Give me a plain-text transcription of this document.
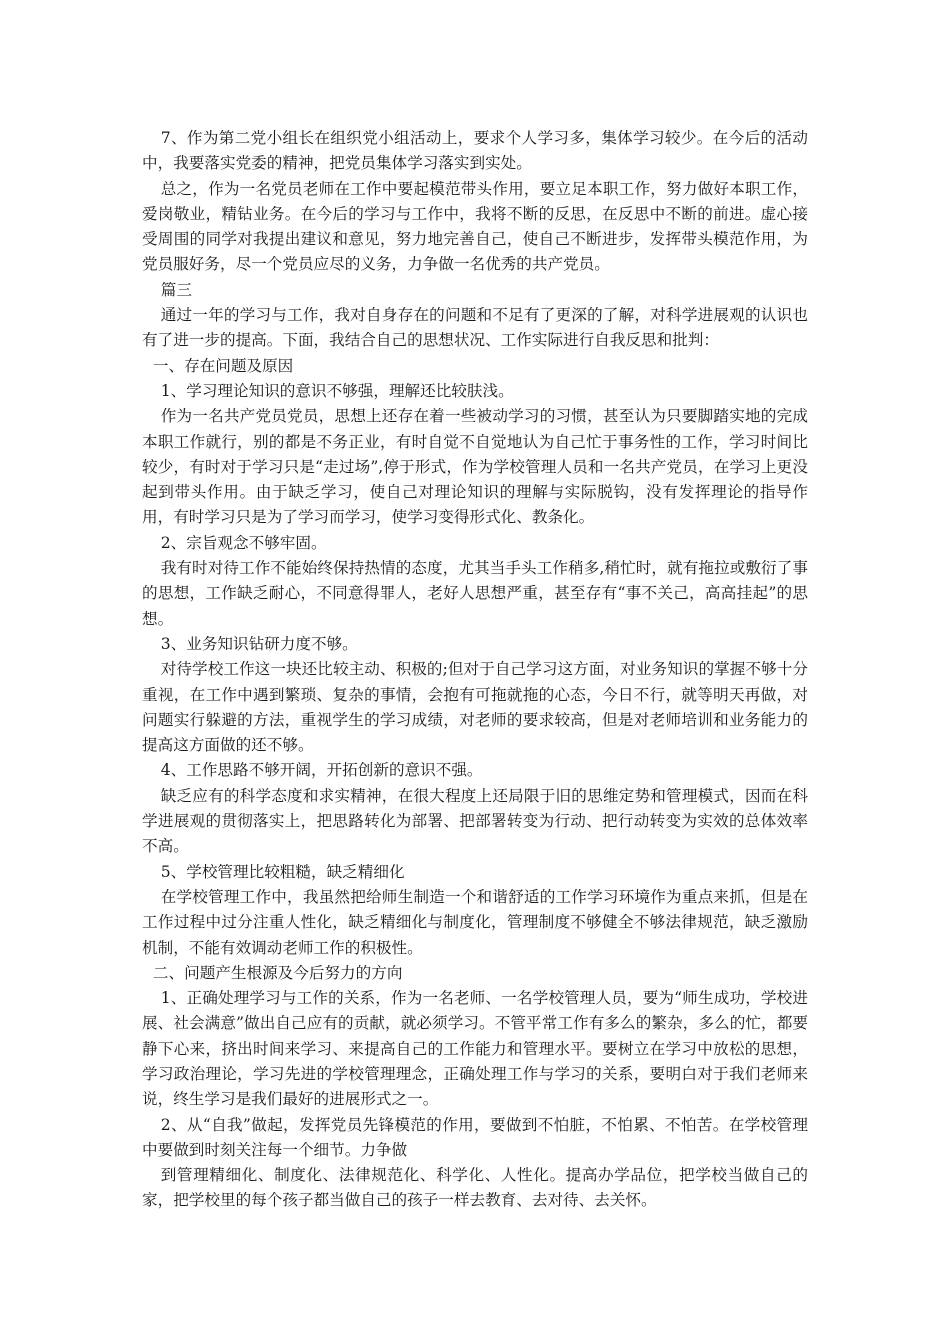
7、作为第二党小组长在组织党小组活动上，要求个人学习多，集体学习较少。在今后的活动中，我要落实党委的精神，把党员集体学习落实到实处。

总之，作为一名党员老师在工作中要起模范带头作用，要立足本职工作，努力做好本职工作，爱岗敬业，精钻业务。在今后的学习与工作中，我将不断的反思，在反思中不断的前进。虚心接受周围的同学对我提出建议和意见，努力地完善自己，使自己不断进步，发挥带头模范作用，为党员服好务，尽一个党员应尽的义务，力争做一名优秀的共产党员。

篇三

通过一年的学习与工作，我对自身存在的问题和不足有了更深的了解，对科学进展观的认识也有了进一步的提高。下面，我结合自己的思想状况、工作实际进行自我反思和批判：

一、存在问题及原因

1、学习理论知识的意识不够强，理解还比较肤浅。

作为一名共产党员党员，思想上还存在着一些被动学习的习惯，甚至认为只要脚踏实地的完成本职工作就行，别的都是不务正业，有时自觉不自觉地认为自己忙于事务性的工作，学习时间比较少，有时对于学习只是“走过场”,停于形式，作为学校管理人员和一名共产党员，在学习上更没起到带头作用。由于缺乏学习，使自己对理论知识的理解与实际脱钩，没有发挥理论的指导作用，有时学习只是为了学习而学习，使学习变得形式化、教条化。

2、宗旨观念不够牢固。

我有时对待工作不能始终保持热情的态度，尤其当手头工作稍多,稍忙时，就有拖拉或敷衍了事的思想，工作缺乏耐心，不同意得罪人，老好人思想严重，甚至存有“事不关己，高高挂起”的思想。

3、业务知识钻研力度不够。

对待学校工作这一块还比较主动、积极的;但对于自己学习这方面，对业务知识的掌握不够十分重视，在工作中遇到繁琐、复杂的事情，会抱有可拖就拖的心态，今日不行，就等明天再做，对问题实行躲避的方法，重视学生的学习成绩，对老师的要求较高，但是对老师培训和业务能力的提高这方面做的还不够。

4、工作思路不够开阔，开拓创新的意识不强。

缺乏应有的科学态度和求实精神，在很大程度上还局限于旧的思维定势和管理模式，因而在科学进展观的贯彻落实上，把思路转化为部署、把部署转变为行动、把行动转变为实效的总体效率不高。

5、学校管理比较粗糙，缺乏精细化

在学校管理工作中，我虽然把给师生制造一个和谐舒适的工作学习环境作为重点来抓，但是在工作过程中过分注重人性化，缺乏精细化与制度化，管理制度不够健全不够法律规范，缺乏激励机制，不能有效调动老师工作的积极性。

二、问题产生根源及今后努力的方向

1、正确处理学习与工作的关系，作为一名老师、一名学校管理人员，要为“师生成功，学校进展、社会满意”做出自己应有的贡献，就必须学习。不管平常工作有多么的繁杂，多么的忙，都要静下心来，挤出时间来学习、来提高自己的工作能力和管理水平。要树立在学习中放松的思想，学习政治理论，学习先进的学校管理理念，正确处理工作与学习的关系，要明白对于我们老师来说，终生学习是我们最好的进展形式之一。

2、从“自我”做起，发挥党员先锋模范的作用，要做到不怕脏，不怕累、不怕苦。在学校管理中要做到时刻关注每一个细节。力争做

到管理精细化、制度化、法律规范化、科学化、人性化。提高办学品位，把学校当做自己的家，把学校里的每个孩子都当做自己的孩子一样去教育、去对待、去关怀。
